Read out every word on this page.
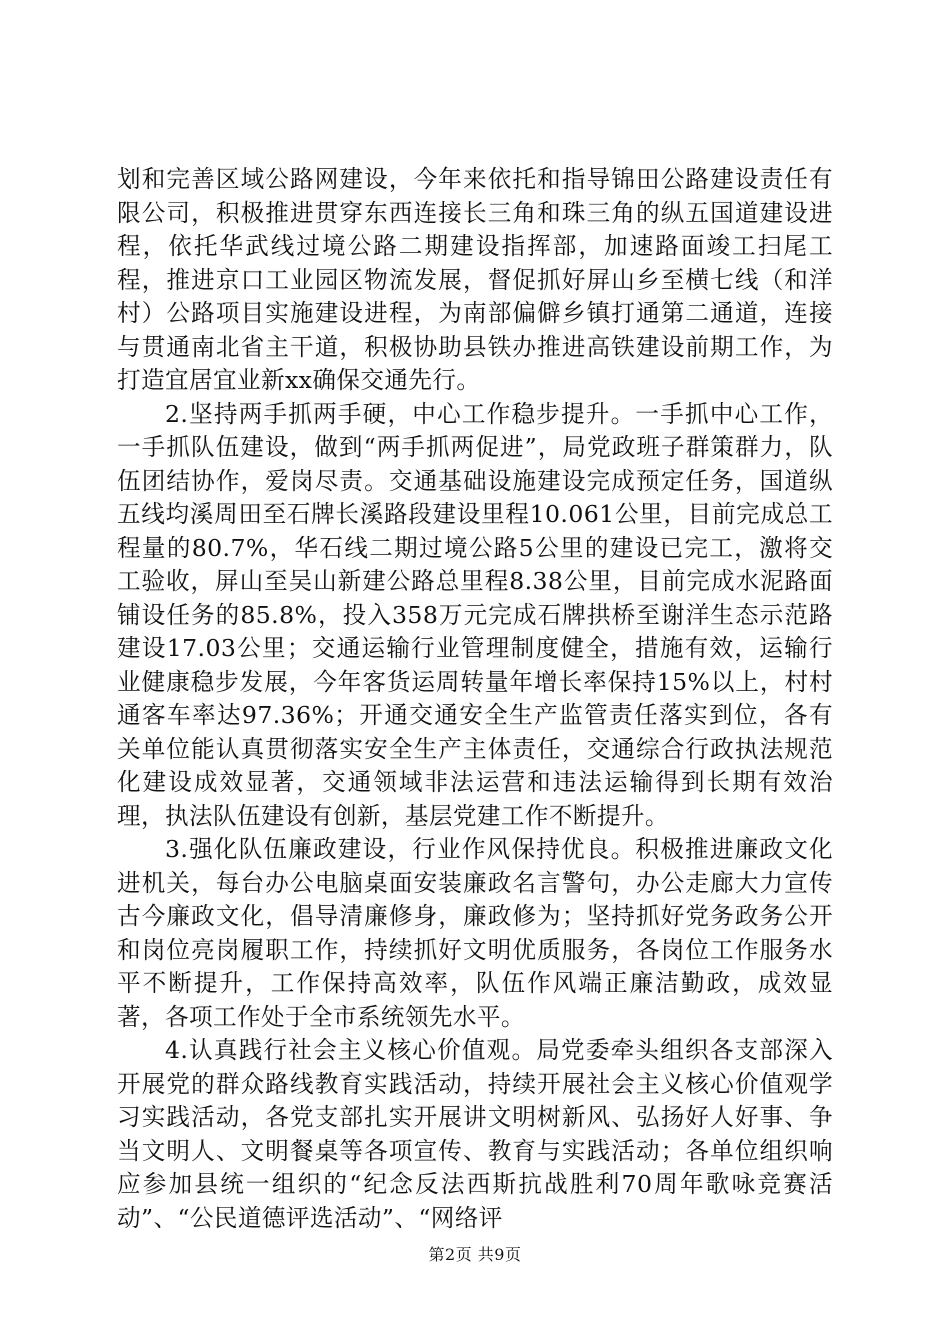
划和完善区域公路网建设，今年来依托和指导锦田公路建设责任有限公司，积极推进贯穿东西连接长三角和珠三角的纵五国道建设进程，依托华武线过境公路二期建设指挥部，加速路面竣工扫尾工程，推进京口工业园区物流发展，督促抓好屏山乡至横七线（和洋村）公路项目实施建设进程，为南部偏僻乡镇打通第二通道，连接与贯通南北省主干道，积极协助县铁办推进高铁建设前期工作，为打造宜居宜业新xx确保交通先行。

2.坚持两手抓两手硬，中心工作稳步提升。一手抓中心工作，一手抓队伍建设，做到“两手抓两促进”，局党政班子群策群力，队伍团结协作，爱岗尽责。交通基础设施建设完成预定任务，国道纵五线均溪周田至石牌长溪路段建设里程10.061公里，目前完成总工程量的80.7%，华石线二期过境公路5公里的建设已完工，激将交工验收，屏山至吴山新建公路总里程8.38公里，目前完成水泥路面铺设任务的85.8%，投入358万元完成石牌拱桥至谢洋生态示范路建设17.03公里；交通运输行业管理制度健全，措施有效，运输行业健康稳步发展，今年客货运周转量年增长率保持15%以上，村村通客车率达97.36%；开通交通安全生产监管责任落实到位，各有关单位能认真贯彻落实安全生产主体责任，交通综合行政执法规范化建设成效显著，交通领域非法运营和违法运输得到长期有效治理，执法队伍建设有创新，基层党建工作不断提升。

3.强化队伍廉政建设，行业作风保持优良。积极推进廉政文化进机关，每台办公电脑桌面安装廉政名言警句，办公走廊大力宣传古今廉政文化，倡导清廉修身，廉政修为；坚持抓好党务政务公开和岗位亮岗履职工作，持续抓好文明优质服务，各岗位工作服务水平不断提升，工作保持高效率，队伍作风端正廉洁勤政，成效显著，各项工作处于全市系统领先水平。

4.认真践行社会主义核心价值观。局党委牵头组织各支部深入开展党的群众路线教育实践活动，持续开展社会主义核心价值观学习实践活动，各党支部扎实开展讲文明树新风、弘扬好人好事、争当文明人、文明餐桌等各项宣传、教育与实践活动；各单位组织响应参加县统一组织的“纪念反法西斯抗战胜利70周年歌咏竞赛活动”、“公民道德评选活动”、“网络评

第2页 共9页
